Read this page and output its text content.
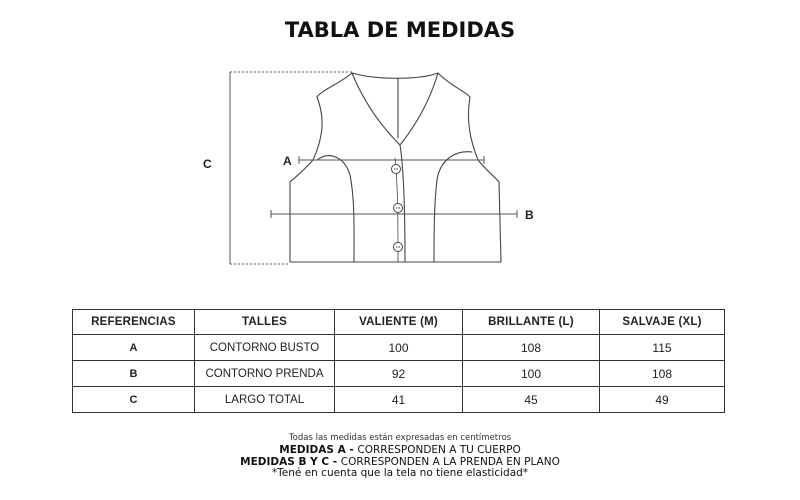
TABLA DE MEDIDAS
A
B
C
REFERENCIAS	TALLES	VALIENTE (M)	BRILLANTE (L)	SALVAJE (XL)
A	CONTORNO BUSTO	100	108	115
B	CONTORNO PRENDA	92	100	108
C	LARGO TOTAL	41	45	49
Todas las medidas están expresadas en centímetros
MEDIDAS A - CORRESPONDEN A TU CUERPO
MEDIDAS B Y C - CORRESPONDEN A LA PRENDA EN PLANO
*Tené en cuenta que la tela no tiene elasticidad*
